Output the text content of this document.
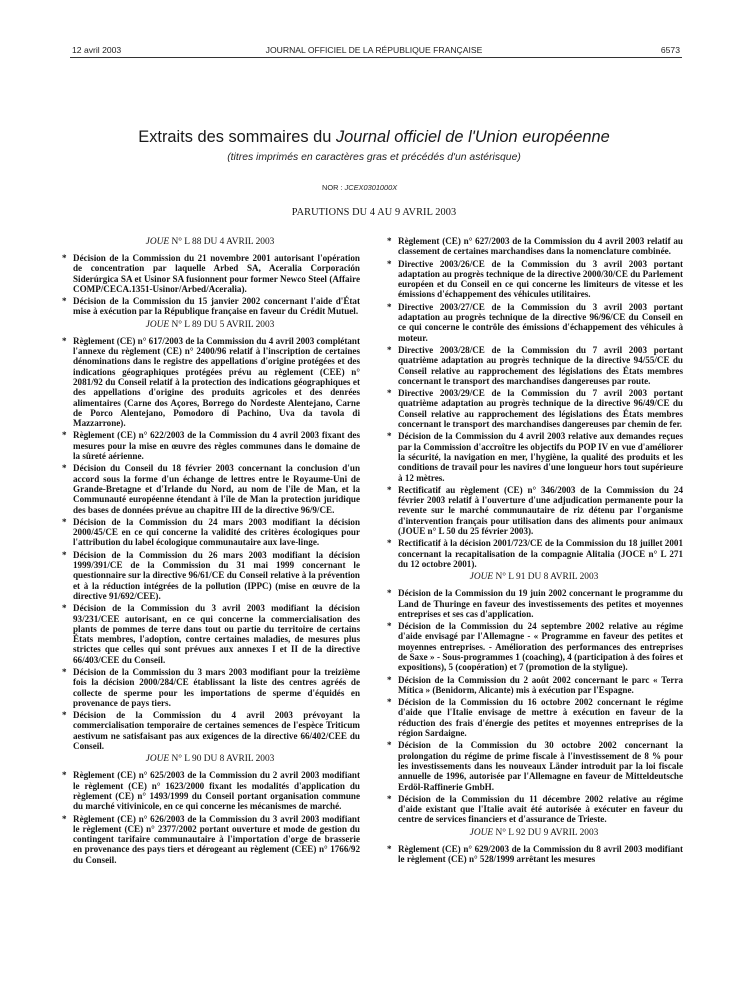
12 avril 2003	JOURNAL OFFICIEL DE LA RÉPUBLIQUE FRANÇAISE	6573
Extraits des sommaires du Journal officiel de l'Union européenne
(titres imprimés en caractères gras et précédés d'un astérisque)
NOR : JCEX0301000X
PARUTIONS DU 4 AU 9 AVRIL 2003
JOUE N° L 88 DU 4 AVRIL 2003
* Décision de la Commission du 21 novembre 2001 autorisant l'opération de concentration par laquelle Arbed SA, Aceralia Corporación Siderúrgica SA et Usinor SA fusionnent pour former Newco Steel (Affaire COMP/CECA.1351-Usinor/Arbed/Aceralia).
* Décision de la Commission du 15 janvier 2002 concernant l'aide d'État mise à exécution par la République française en faveur du Crédit Mutuel.
JOUE N° L 89 DU 5 AVRIL 2003
* Règlement (CE) n° 617/2003 de la Commission du 4 avril 2003 complétant l'annexe du règlement (CE) n° 2400/96 relatif à l'inscription de certaines dénominations dans le registre des appellations d'origine protégées et des indications géographiques protégées prévu au règlement (CEE) n° 2081/92 du Conseil relatif à la protection des indications géographiques et des appellations d'origine des produits agricoles et des denrées alimentaires (Carne dos Açores, Borrego do Nordeste Alentejano, Carne de Porco Alentejano, Pomodoro di Pachino, Uva da tavola di Mazzarrone).
* Règlement (CE) n° 622/2003 de la Commission du 4 avril 2003 fixant des mesures pour la mise en œuvre des règles communes dans le domaine de la sûreté aérienne.
* Décision du Conseil du 18 février 2003 concernant la conclusion d'un accord sous la forme d'un échange de lettres entre le Royaume-Uni de Grande-Bretagne et d'Irlande du Nord, au nom de l'île de Man, et la Communauté européenne étendant à l'île de Man la protection juridique des bases de données prévue au chapitre III de la directive 96/9/CE.
* Décision de la Commission du 24 mars 2003 modifiant la décision 2000/45/CE en ce qui concerne la validité des critères écologiques pour l'attribution du label écologique communautaire aux lave-linge.
* Décision de la Commission du 26 mars 2003 modifiant la décision 1999/391/CE de la Commission du 31 mai 1999 concernant le questionnaire sur la directive 96/61/CE du Conseil relative à la prévention et à la réduction intégrées de la pollution (IPPC) (mise en œuvre de la directive 91/692/CEE).
* Décision de la Commission du 3 avril 2003 modifiant la décision 93/231/CEE autorisant, en ce qui concerne la commercialisation des plants de pommes de terre dans tout ou partie du territoire de certains États membres, l'adoption, contre certaines maladies, de mesures plus strictes que celles qui sont prévues aux annexes I et II de la directive 66/403/CEE du Conseil.
* Décision de la Commission du 3 mars 2003 modifiant pour la treizième fois la décision 2000/284/CE établissant la liste des centres agréés de collecte de sperme pour les importations de sperme d'équidés en provenance de pays tiers.
* Décision de la Commission du 4 avril 2003 prévoyant la commercialisation temporaire de certaines semences de l'espèce Triticum aestivum ne satisfaisant pas aux exigences de la directive 66/402/CEE du Conseil.
JOUE N° L 90 DU 8 AVRIL 2003
* Règlement (CE) n° 625/2003 de la Commission du 2 avril 2003 modifiant le règlement (CE) n° 1623/2000 fixant les modalités d'application du règlement (CE) n° 1493/1999 du Conseil portant organisation commune du marché vitivinicole, en ce qui concerne les mécanismes de marché.
* Règlement (CE) n° 626/2003 de la Commission du 3 avril 2003 modifiant le règlement (CE) n° 2377/2002 portant ouverture et mode de gestion du contingent tarifaire communautaire à l'importation d'orge de brasserie en provenance des pays tiers et dérogeant au règlement (CEE) n° 1766/92 du Conseil.
* Règlement (CE) n° 627/2003 de la Commission du 4 avril 2003 relatif au classement de certaines marchandises dans la nomenclature combinée.
* Directive 2003/26/CE de la Commission du 3 avril 2003 portant adaptation au progrès technique de la directive 2000/30/CE du Parlement européen et du Conseil en ce qui concerne les limiteurs de vitesse et les émissions d'échappement des véhicules utilitaires.
* Directive 2003/27/CE de la Commission du 3 avril 2003 portant adaptation au progrès technique de la directive 96/96/CE du Conseil en ce qui concerne le contrôle des émissions d'échappement des véhicules à moteur.
* Directive 2003/28/CE de la Commission du 7 avril 2003 portant quatrième adaptation au progrès technique de la directive 94/55/CE du Conseil relative au rapprochement des législations des États membres concernant le transport des marchandises dangereuses par route.
* Directive 2003/29/CE de la Commission du 7 avril 2003 portant quatrième adaptation au progrès technique de la directive 96/49/CE du Conseil relative au rapprochement des législations des États membres concernant le transport des marchandises dangereuses par chemin de fer.
* Décision de la Commission du 4 avril 2003 relative aux demandes reçues par la Commission d'accroître les objectifs du POP IV en vue d'améliorer la sécurité, la navigation en mer, l'hygiène, la qualité des produits et les conditions de travail pour les navires d'une longueur hors tout supérieure à 12 mètres.
* Rectificatif au règlement (CE) n° 346/2003 de la Commission du 24 février 2003 relatif à l'ouverture d'une adjudication permanente pour la revente sur le marché communautaire de riz détenu par l'organisme d'intervention français pour utilisation dans des aliments pour animaux (JOUE n° L 50 du 25 février 2003).
* Rectificatif à la décision 2001/723/CE de la Commission du 18 juillet 2001 concernant la recapitalisation de la compagnie Alitalia (JOCE n° L 271 du 12 octobre 2001).
JOUE N° L 91 DU 8 AVRIL 2003
* Décision de la Commission du 19 juin 2002 concernant le programme du Land de Thuringe en faveur des investissements des petites et moyennes entreprises et ses cas d'application.
* Décision de la Commission du 24 septembre 2002 relative au régime d'aide envisagé par l'Allemagne - « Programme en faveur des petites et moyennes entreprises. - Amélioration des performances des entreprises de Saxe » - Sous-programmes 1 (coaching), 4 (participation à des foires et expositions), 5 (coopération) et 7 (promotion de la styligue).
* Décision de la Commission du 2 août 2002 concernant le parc « Terra Mítica » (Benidorm, Alicante) mis à exécution par l'Espagne.
* Décision de la Commission du 16 octobre 2002 concernant le régime d'aide que l'Italie envisage de mettre à exécution en faveur de la réduction des frais d'énergie des petites et moyennes entreprises de la région Sardaigne.
* Décision de la Commission du 30 octobre 2002 concernant la prolongation du régime de prime fiscale à l'investissement de 8 % pour les investissements dans les nouveaux Länder introduit par la loi fiscale annuelle de 1996, autorisée par l'Allemagne en faveur de Mitteldeutsche Erdöl-Raffinerie GmbH.
* Décision de la Commission du 11 décembre 2002 relative au régime d'aide existant que l'Italie avait été autorisée à exécuter en faveur du centre de services financiers et d'assurance de Trieste.
JOUE N° L 92 DU 9 AVRIL 2003
* Règlement (CE) n° 629/2003 de la Commission du 8 avril 2003 modifiant le règlement (CE) n° 528/1999 arrêtant les mesures
